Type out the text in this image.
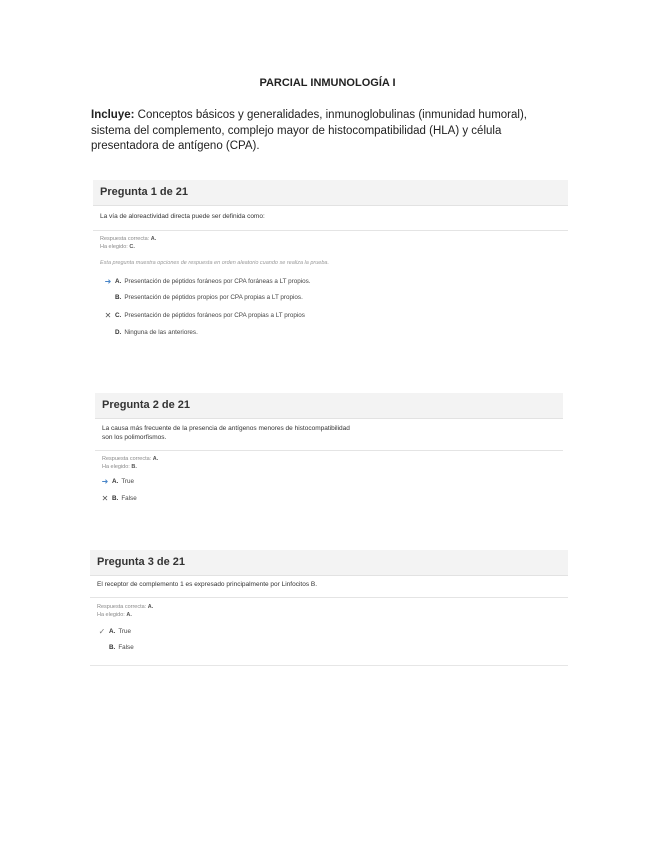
PARCIAL INMUNOLOGÍA I
Incluye: Conceptos básicos y generalidades, inmunoglobulinas (inmunidad humoral), sistema del complemento, complejo mayor de histocompatibilidad (HLA) y célula presentadora de antígeno (CPA).
Pregunta 1 de 21
La vía de aloreactividad directa puede ser definida como:
Respuesta correcta: A.
Ha elegido: C.
Esta pregunta muestra opciones de respuesta en orden aleatorio cuando se realiza la prueba.
➜ A. Presentación de péptidos foráneos por CPA foráneas a LT propios.
B. Presentación de péptidos propios por CPA propias a LT propios.
✕ C. Presentación de péptidos foráneos por CPA propias a LT propios
D. Ninguna de las anteriores.
Pregunta 2 de 21
La causa más frecuente de la presencia de antígenos menores de histocompatibilidad
son los polimorfismos.
Respuesta correcta: A.
Ha elegido: B.
➜ A. True
✕ B. False
Pregunta 3 de 21
El receptor de complemento 1 es expresado principalmente por Linfocitos B.
Respuesta correcta: A.
Ha elegido: A.
✓ A. True
B. False
